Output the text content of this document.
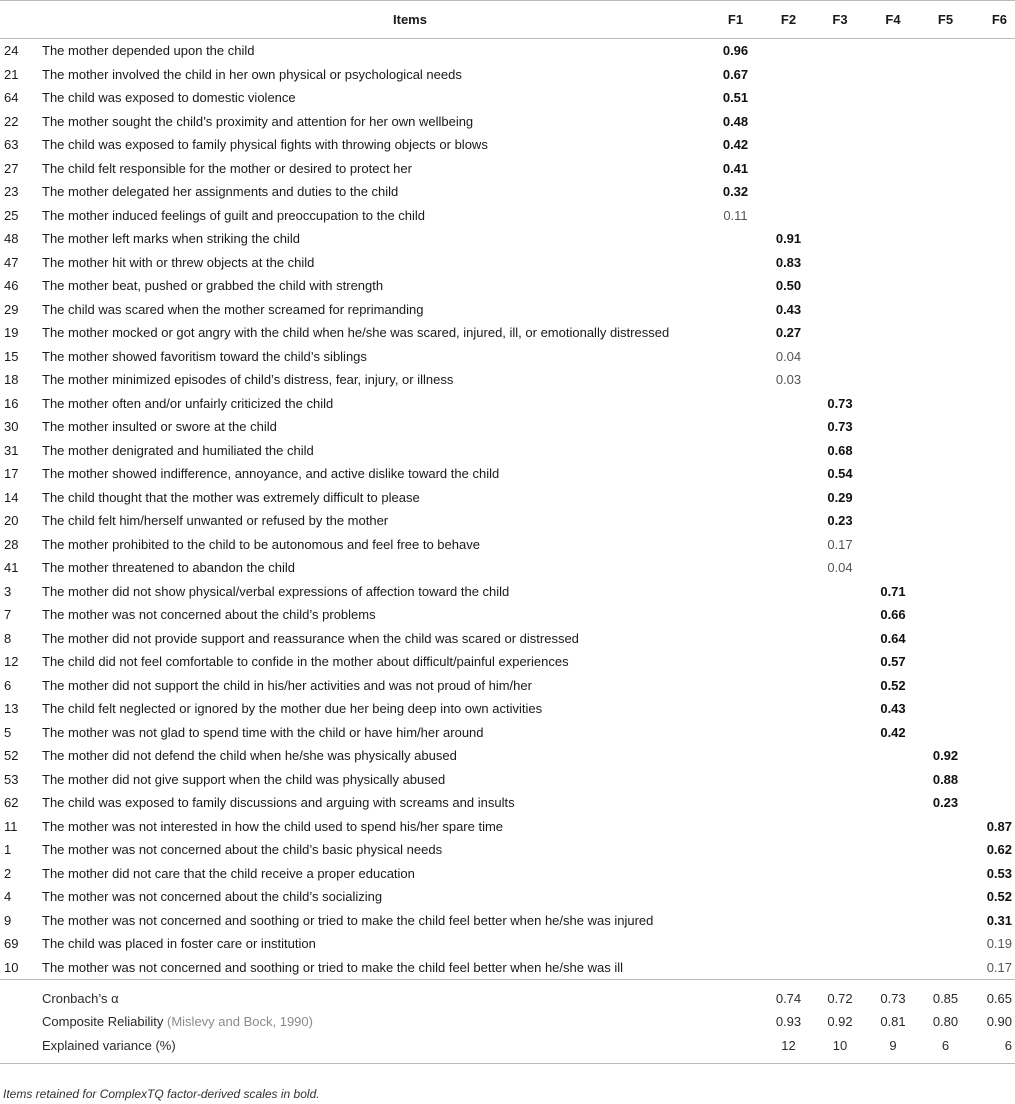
Items		F1	F2	F3	F4	F5	F6
24	The mother depended upon the child	0.96					
21	The mother involved the child in her own physical or psychological needs	0.67					
64	The child was exposed to domestic violence	0.51					
22	The mother sought the child’s proximity and attention for her own wellbeing	0.48					
63	The child was exposed to family physical fights with throwing objects or blows	0.42					
27	The child felt responsible for the mother or desired to protect her	0.41					
23	The mother delegated her assignments and duties to the child	0.32					
25	The mother induced feelings of guilt and preoccupation to the child	0.11					
48	The mother left marks when striking the child		0.91				
47	The mother hit with or threw objects at the child		0.83				
46	The mother beat, pushed or grabbed the child with strength		0.50				
29	The child was scared when the mother screamed for reprimanding		0.43				
19	The mother mocked or got angry with the child when he/she was scared, injured, ill, or emotionally distressed		0.27				
15	The mother showed favoritism toward the child’s siblings		0.04				
18	The mother minimized episodes of child’s distress, fear, injury, or illness		0.03				
16	The mother often and/or unfairly criticized the child			0.73			
30	The mother insulted or swore at the child			0.73			
31	The mother denigrated and humiliated the child			0.68			
17	The mother showed indifference, annoyance, and active dislike toward the child			0.54			
14	The child thought that the mother was extremely difficult to please			0.29			
20	The child felt him/herself unwanted or refused by the mother			0.23			
28	The mother prohibited to the child to be autonomous and feel free to behave			0.17			
41	The mother threatened to abandon the child			0.04			
3	The mother did not show physical/verbal expressions of affection toward the child				0.71		
7	The mother was not concerned about the child’s problems				0.66		
8	The mother did not provide support and reassurance when the child was scared or distressed				0.64		
12	The child did not feel comfortable to confide in the mother about difficult/painful experiences				0.57		
6	The mother did not support the child in his/her activities and was not proud of him/her				0.52		
13	The child felt neglected or ignored by the mother due her being deep into own activities				0.43		
5	The mother was not glad to spend time with the child or have him/her around				0.42		
52	The mother did not defend the child when he/she was physically abused					0.92	
53	The mother did not give support when the child was physically abused					0.88	
62	The child was exposed to family discussions and arguing with screams and insults					0.23	
11	The mother was not interested in how the child used to spend his/her spare time						0.87
1	The mother was not concerned about the child’s basic physical needs						0.62
2	The mother did not care that the child receive a proper education						0.53
4	The mother was not concerned about the child’s socializing						0.52
9	The mother was not concerned and soothing or tried to make the child feel better when he/she was injured						0.31
69	The child was placed in foster care or institution						0.19
10	The mother was not concerned and soothing or tried to make the child feel better when he/she was ill						0.17
Cronbach’s α			0.74	0.72	0.73	0.85	0.65
Composite Reliability (Mislevy and Bock, 1990)			0.93	0.92	0.81	0.80	0.90
Explained variance (%)			12	10	9	6	6
Items retained for ComplexTQ factor-derived scales in bold.
